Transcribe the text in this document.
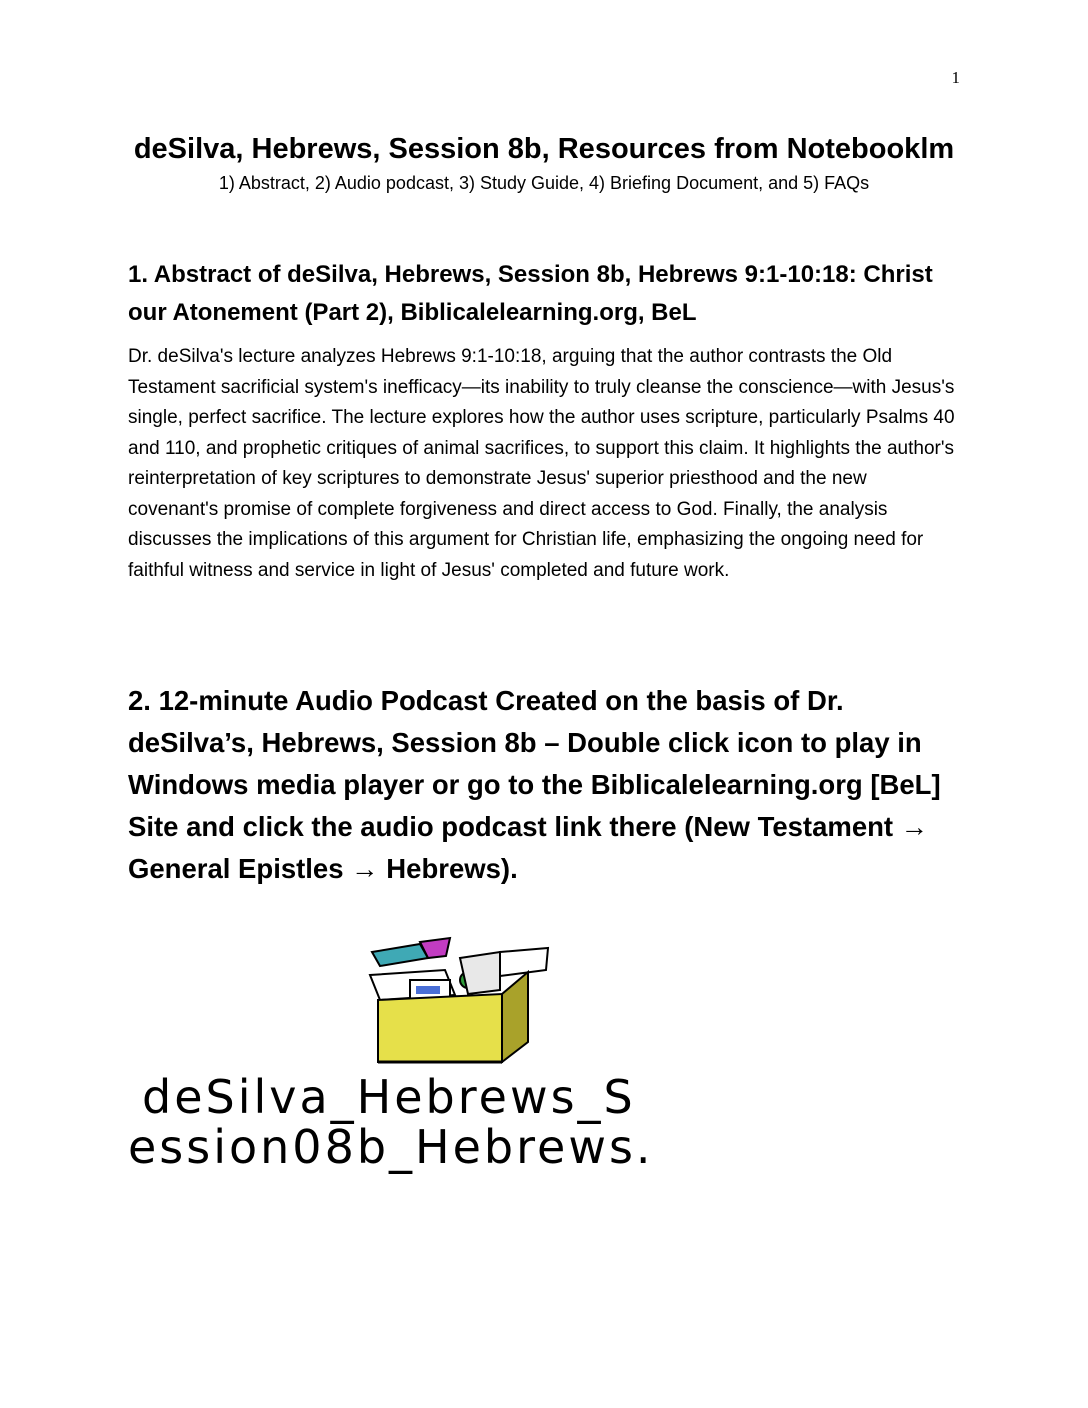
1
deSilva, Hebrews, Session 8b, Resources from Notebooklm

1) Abstract, 2) Audio podcast, 3) Study Guide, 4) Briefing Document, and 5) FAQs

1. Abstract of deSilva, Hebrews, Session 8b, Hebrews 9:1-10:18: Christ our Atonement (Part 2), Biblicalelearning.org, BeL

Dr. deSilva's lecture analyzes Hebrews 9:1-10:18, arguing that the author contrasts the Old Testament sacrificial system's inefficacy—its inability to truly cleanse the conscience—with Jesus's single, perfect sacrifice. The lecture explores how the author uses scripture, particularly Psalms 40 and 110, and prophetic critiques of animal sacrifices, to support this claim. It highlights the author's reinterpretation of key scriptures to demonstrate Jesus' superior priesthood and the new covenant's promise of complete forgiveness and direct access to God. Finally, the analysis discusses the implications of this argument for Christian life, emphasizing the ongoing need for faithful witness and service in light of Jesus' completed and future work.

2. 12-minute Audio Podcast Created on the basis of Dr. deSilva’s, Hebrews, Session 8b – Double click icon to play in Windows media player or go to the Biblicalelearning.org [BeL] Site and click the audio podcast link there (New Testament → General Epistles → Hebrews).
deSilva_Hebrews_S
ession08b_Hebrews.
